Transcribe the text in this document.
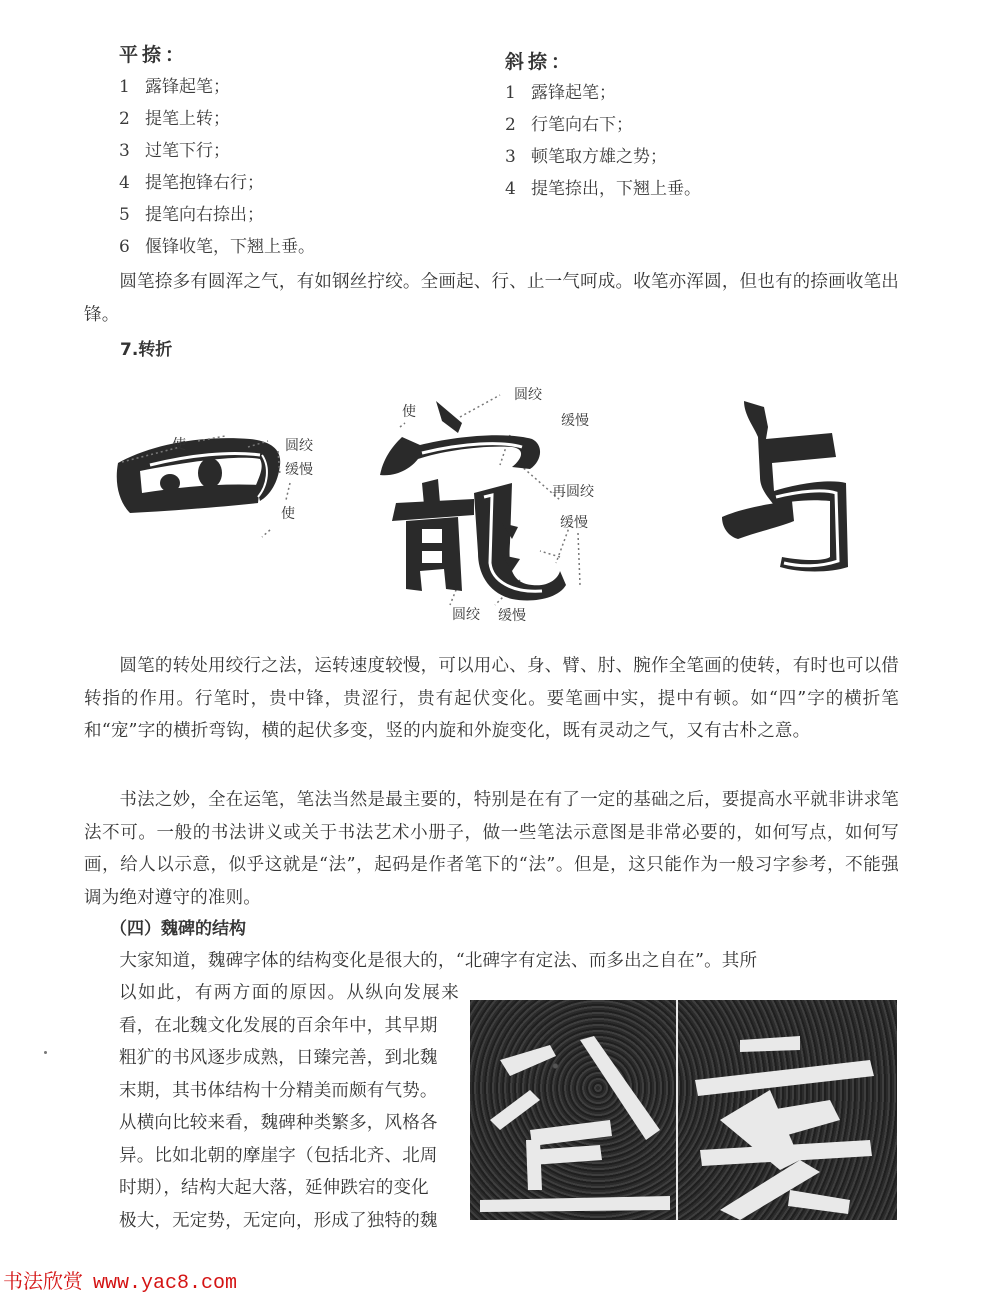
平捺：
1 露锋起笔；
2 提笔上转；
3 过笔下行；
4 提笔抱锋右行；
5 提笔向右捺出；
6 偃锋收笔，下翘上垂。
斜捺：
1 露锋起笔；
2 行笔向右下；
3 顿笔取方雄之势；
4 提笔捺出，下翘上垂。
　　圆笔捺多有圆浑之气，有如钢丝拧绞。全画起、行、止一气呵成。收笔亦浑圆，但也有的捺画收笔出锋。
7.转折
使	圆绞
缓慢
使
使
圆绞
缓慢
再圆绞
缓慢
圆绞 缓慢
　　圆笔的转处用绞行之法，运转速度较慢，可以用心、身、臂、肘、腕作全笔画的使转，有时也可以借转指的作用。行笔时，贵中锋，贵涩行，贵有起伏变化。要笔画中实，提中有顿。如“四”字的横折笔和“宠”字的横折弯钩，横的起伏多变，竖的内旋和外旋变化，既有灵动之气，又有古朴之意。
　　书法之妙，全在运笔，笔法当然是最主要的，特别是在有了一定的基础之后，要提高水平就非讲求笔法不可。一般的书法讲义或关于书法艺术小册子，做一些笔法示意图是非常必要的，如何写点，如何写画，给人以示意，似乎这就是“法”，起码是作者笔下的“法”。但是，这只能作为一般习字参考，不能强调为绝对遵守的准则。
（四）魏碑的结构
　　大家知道，魏碑字体的结构变化是很大的，“北碑字有定法、而多出之自在”。其所
以如此，有两方面的原因。从纵向发展来
看，在北魏文化发展的百余年中，其早期
粗犷的书风逐步成熟，日臻完善，到北魏
末期，其书体结构十分精美而颇有气势。
从横向比较来看，魏碑种类繁多，风格各
异。比如北朝的摩崖字（包括北齐、北周
时期），结构大起大落，延伸跌宕的变化
极大，无定势，无定向，形成了独特的魏
书法欣赏 www.yac8.com
